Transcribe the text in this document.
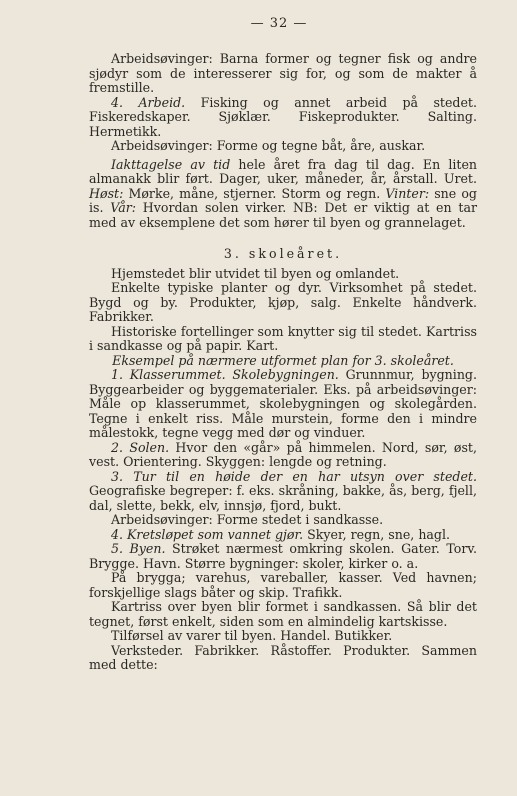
— 32 —

Arbeidsøvinger: Barna former og tegner fisk og andre sjødyr som de interesserer sig for, og som de makter å fremstille.

4. Arbeid. Fisking og annet arbeid på stedet. Fiskeredskaper. Sjøklær. Fiskeprodukter. Salting. Hermetikk.

Arbeidsøvinger: Forme og tegne båt, åre, auskar.

Iakttagelse av tid hele året fra dag til dag. En liten almanakk blir ført. Dager, uker, måneder, år, årstall. Uret. Høst: Mørke, måne, stjerner. Storm og regn. Vinter: sne og is. Vår: Hvordan solen virker. NB: Det er viktig at en tar med av eksemplene det som hører til byen og grannelaget.

3. skoleåret.

Hjemstedet blir utvidet til byen og omlandet.

Enkelte typiske planter og dyr. Virksomhet på stedet. Bygd og by. Produkter, kjøp, salg. Enkelte håndverk. Fabrikker.

Historiske fortellinger som knytter sig til stedet. Kartriss i sandkasse og på papir. Kart.

Eksempel på nærmere utformet plan for 3. skoleåret.

1. Klasserummet. Skolebygningen. Grunnmur, bygning. Byggearbeider og byggematerialer. Eks. på arbeidsøvinger: Måle op klasserummet, skolebygningen og skolegården. Tegne i enkelt riss. Måle murstein, forme den i mindre målestokk, tegne vegg med dør og vinduer.

2. Solen. Hvor den «går» på himmelen. Nord, sør, øst, vest. Orientering. Skyggen: lengde og retning.

3. Tur til en høide der en har utsyn over stedet. Geografiske begreper: f. eks. skråning, bakke, ås, berg, fjell, dal, slette, bekk, elv, innsjø, fjord, bukt.

Arbeidsøvinger: Forme stedet i sandkasse.

4. Kretsløpet som vannet gjør. Skyer, regn, sne, hagl.

5. Byen. Strøket nærmest omkring skolen. Gater. Torv. Brygge. Havn. Større bygninger: skoler, kirker o. a.

På brygga; varehus, vareballer, kasser. Ved havnen; forskjellige slags båter og skip. Trafikk.

Kartriss over byen blir formet i sandkassen. Så blir det tegnet, først enkelt, siden som en almindelig kartskisse.

Tilførsel av varer til byen. Handel. Butikker.

Verksteder. Fabrikker. Råstoffer. Produkter. Sammen med dette:
